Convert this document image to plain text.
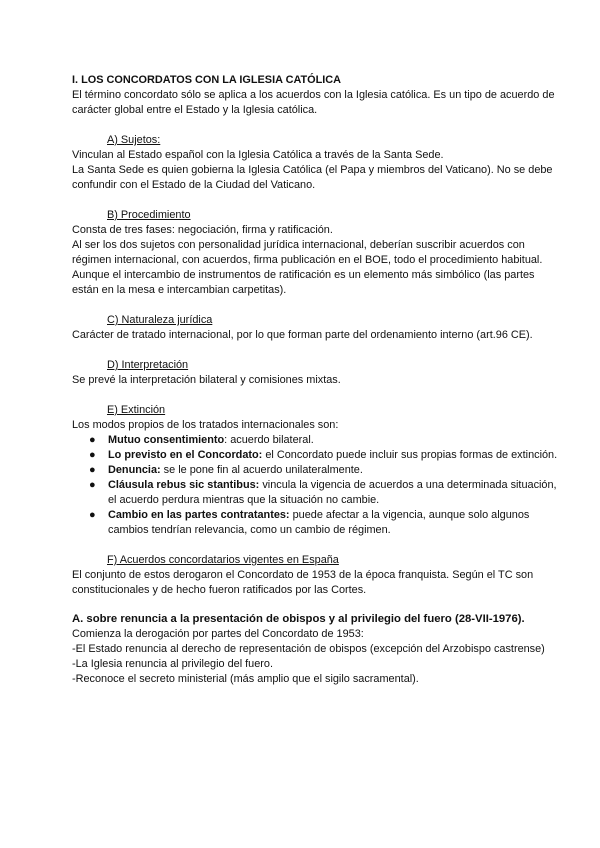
I. LOS CONCORDATOS CON LA IGLESIA CATÓLICA

El término concordato sólo se aplica a los acuerdos con la Iglesia católica. Es un tipo de acuerdo de carácter global entre el Estado y la Iglesia católica.

A) Sujetos:

Vinculan al Estado español con la Iglesia Católica a través de la Santa Sede.

La Santa Sede es quien gobierna la Iglesia Católica (el Papa y miembros del Vaticano). No se debe confundir con el Estado de la Ciudad del Vaticano.

B) Procedimiento

Consta de tres fases: negociación, firma y ratificación.

Al ser los dos sujetos con personalidad jurídica internacional, deberían suscribir acuerdos con régimen internacional, con acuerdos, firma publicación en el BOE, todo el procedimiento habitual. Aunque el intercambio de instrumentos de ratificación es un elemento más simbólico (las partes están en la mesa e intercambian carpetitas).

C) Naturaleza jurídica

Carácter de tratado internacional, por lo que forman parte del ordenamiento interno (art.96 CE).

D) Interpretación

Se prevé la interpretación bilateral y comisiones mixtas.

E) Extinción

Los modos propios de los tratados internacionales son:

● Mutuo consentimiento: acuerdo bilateral.
● Lo previsto en el Concordato: el Concordato puede incluir sus propias formas de extinción.
● Denuncia: se le pone fin al acuerdo unilateralmente.
● Cláusula rebus sic stantibus: vincula la vigencia de acuerdos a una determinada situación, el acuerdo perdura mientras que la situación no cambie.
● Cambio en las partes contratantes: puede afectar a la vigencia, aunque solo algunos cambios tendrían relevancia, como un cambio de régimen.

F) Acuerdos concordatarios vigentes en España

El conjunto de estos derogaron el Concordato de 1953 de la época franquista. Según el TC son constitucionales y de hecho fueron ratificados por las Cortes.

A. sobre renuncia a la presentación de obispos y al privilegio del fuero (28-VII-1976).

Comienza la derogación por partes del Concordato de 1953:

-El Estado renuncia al derecho de representación de obispos (excepción del Arzobispo castrense)

-La Iglesia renuncia al privilegio del fuero.

-Reconoce el secreto ministerial (más amplio que el sigilo sacramental).
